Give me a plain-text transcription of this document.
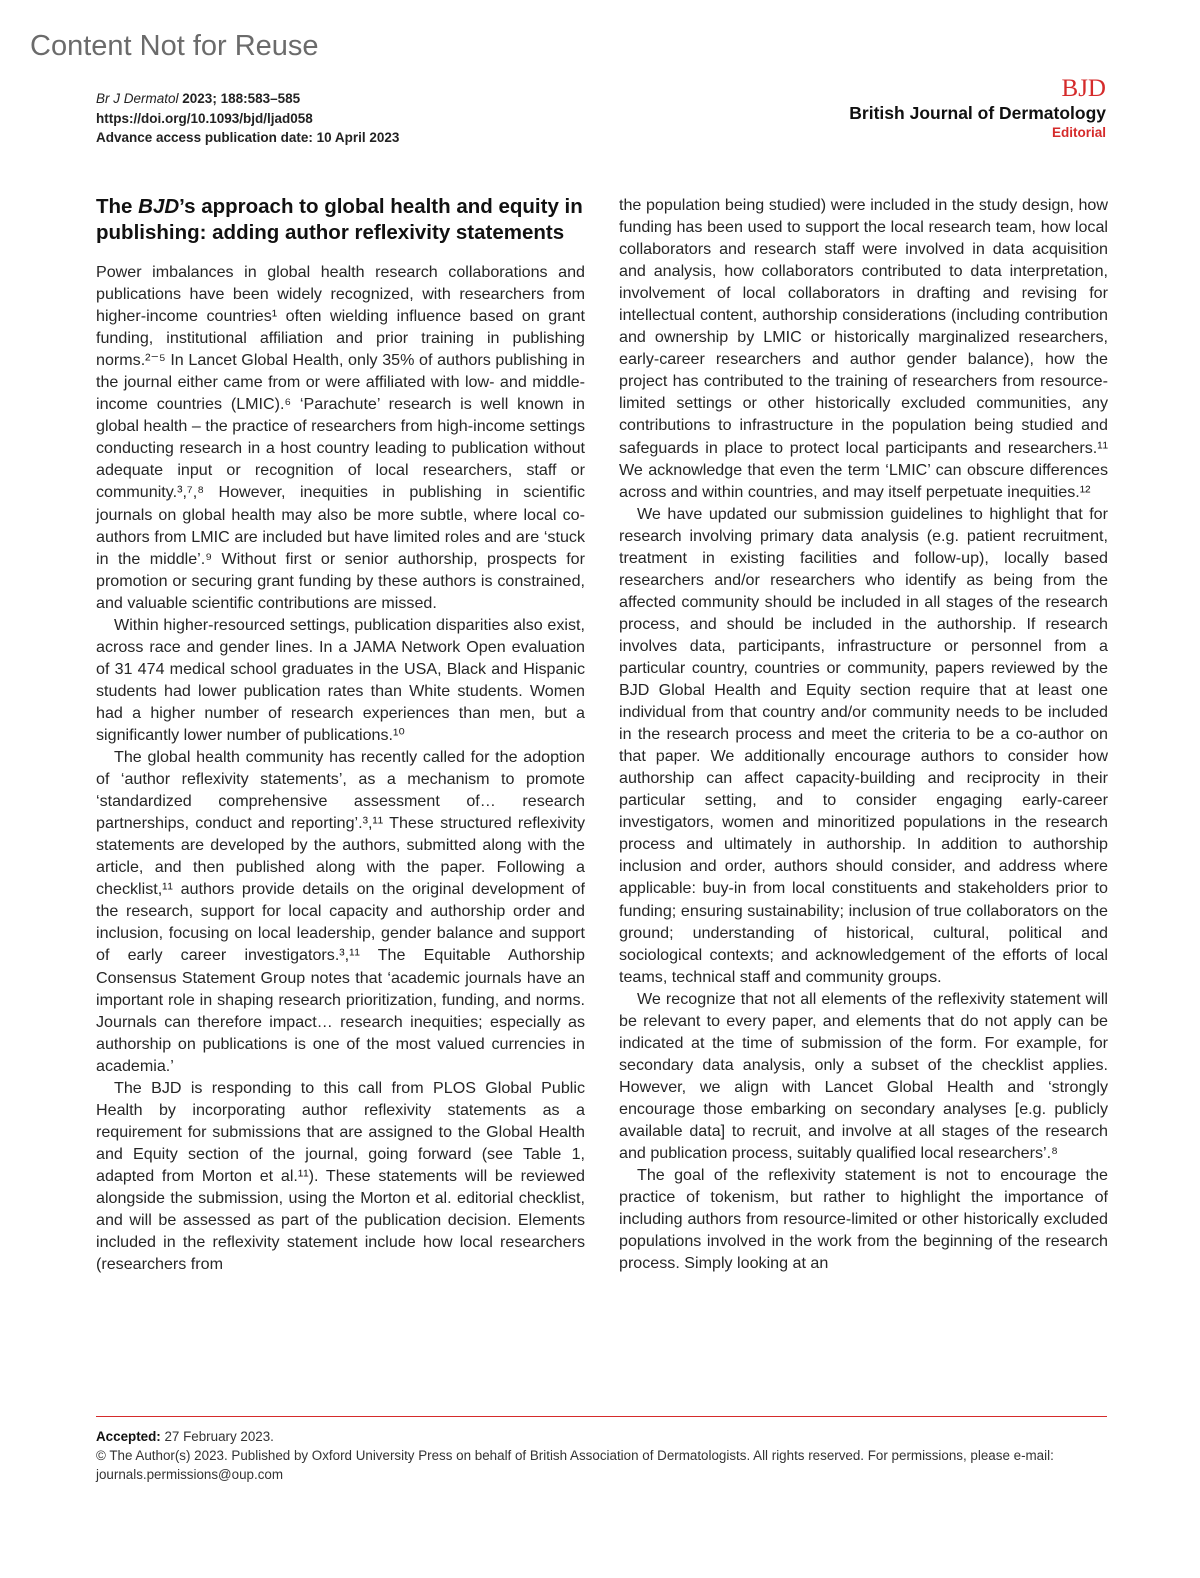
Content Not for Reuse
Br J Dermatol 2023; 188:583–585
https://doi.org/10.1093/bjd/ljad058
Advance access publication date: 10 April 2023
BJD
British Journal of Dermatology
Editorial
The BJD’s approach to global health and equity in publishing: adding author reflexivity statements

Power imbalances in global health research collaborations and publications have been widely recognized, with researchers from higher-income countries¹ often wielding influence based on grant funding, institutional affiliation and prior training in publishing norms.²⁻⁵ In Lancet Global Health, only 35% of authors publishing in the journal either came from or were affiliated with low- and middle-income countries (LMIC).⁶ ‘Parachute’ research is well known in global health – the practice of researchers from high-income settings conducting research in a host country leading to publication without adequate input or recognition of local researchers, staff or community.³,⁷,⁸ However, inequities in publishing in scientific journals on global health may also be more subtle, where local co-authors from LMIC are included but have limited roles and are ‘stuck in the middle’.⁹ Without first or senior authorship, prospects for promotion or securing grant funding by these authors is constrained, and valuable scientific contributions are missed.

Within higher-resourced settings, publication disparities also exist, across race and gender lines. In a JAMA Network Open evaluation of 31 474 medical school graduates in the USA, Black and Hispanic students had lower publication rates than White students. Women had a higher number of research experiences than men, but a significantly lower number of publications.¹⁰

The global health community has recently called for the adoption of ‘author reflexivity statements’, as a mechanism to promote ‘standardized comprehensive assessment of… research partnerships, conduct and reporting’.³,¹¹ These structured reflexivity statements are developed by the authors, submitted along with the article, and then published along with the paper. Following a checklist,¹¹ authors provide details on the original development of the research, support for local capacity and authorship order and inclusion, focusing on local leadership, gender balance and support of early career investigators.³,¹¹ The Equitable Authorship Consensus Statement Group notes that ‘academic journals have an important role in shaping research prioritization, funding, and norms. Journals can therefore impact… research inequities; especially as authorship on publications is one of the most valued currencies in academia.’

The BJD is responding to this call from PLOS Global Public Health by incorporating author reflexivity statements as a requirement for submissions that are assigned to the Global Health and Equity section of the journal, going forward (see Table 1, adapted from Morton et al.¹¹). These statements will be reviewed alongside the submission, using the Morton et al. editorial checklist, and will be assessed as part of the publication decision. Elements included in the reflexivity statement include how local researchers (researchers from

the population being studied) were included in the study design, how funding has been used to support the local research team, how local collaborators and research staff were involved in data acquisition and analysis, how collaborators contributed to data interpretation, involvement of local collaborators in drafting and revising for intellectual content, authorship considerations (including contribution and ownership by LMIC or historically marginalized researchers, early-career researchers and author gender balance), how the project has contributed to the training of researchers from resource-limited settings or other historically excluded communities, any contributions to infrastructure in the population being studied and safeguards in place to protect local participants and researchers.¹¹ We acknowledge that even the term ‘LMIC’ can obscure differences across and within countries, and may itself perpetuate inequities.¹²

We have updated our submission guidelines to highlight that for research involving primary data analysis (e.g. patient recruitment, treatment in existing facilities and follow-up), locally based researchers and/or researchers who identify as being from the affected community should be included in all stages of the research process, and should be included in the authorship. If research involves data, participants, infrastructure or personnel from a particular country, countries or community, papers reviewed by the BJD Global Health and Equity section require that at least one individual from that country and/or community needs to be included in the research process and meet the criteria to be a co-author on that paper. We additionally encourage authors to consider how authorship can affect capacity-building and reciprocity in their particular setting, and to consider engaging early-career investigators, women and minoritized populations in the research process and ultimately in authorship. In addition to authorship inclusion and order, authors should consider, and address where applicable: buy-in from local constituents and stakeholders prior to funding; ensuring sustainability; inclusion of true collaborators on the ground; understanding of historical, cultural, political and sociological contexts; and acknowledgement of the efforts of local teams, technical staff and community groups.

We recognize that not all elements of the reflexivity statement will be relevant to every paper, and elements that do not apply can be indicated at the time of submission of the form. For example, for secondary data analysis, only a subset of the checklist applies. However, we align with Lancet Global Health and ‘strongly encourage those embarking on secondary analyses [e.g. publicly available data] to recruit, and involve at all stages of the research and publication process, suitably qualified local researchers’.⁸

The goal of the reflexivity statement is not to encourage the practice of tokenism, but rather to highlight the importance of including authors from resource-limited or other historically excluded populations involved in the work from the beginning of the research process. Simply looking at an

Accepted: 27 February 2023.
© The Author(s) 2023. Published by Oxford University Press on behalf of British Association of Dermatologists. All rights reserved. For permissions, please e-mail: journals.permissions@oup.com
